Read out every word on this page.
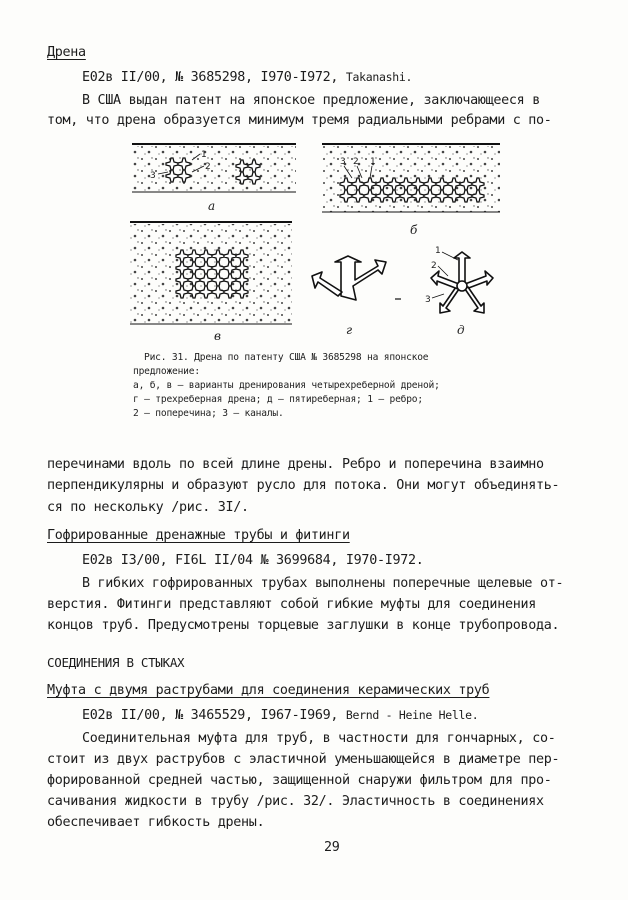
Дрена
E02в II/00, № 3685298, I970-I972, Takanashi.
В США выдан патент на японское предложение, заключающееся в
том, что дрена образуется минимум тремя радиальными ребрами с по-
1
2
3
а
3 2 1
б
в	г
1
2
3
д
Рис. 31. Дрена по патенту США № 3685298 на японское
предложение:
а, б, в – варианты дренирования четырехреберной дреной;
г – трехреберная дрена; д – пятиреберная; 1 – ребро;
2 – поперечина; 3 – каналы.
перечинами вдоль по всей длине дрены. Ребро и поперечина взаимно
перпендикулярны и образуют русло для потока. Они могут объединять-
ся по нескольку /рис. 3I/.
Гофрированные дренажные трубы и фитинги
E02в I3/00, FI6L II/04 № 3699684, I970-I972.
В гибких гофрированных трубах выполнены поперечные щелевые от-
верстия. Фитинги представляют собой гибкие муфты для соединения
концов труб. Предусмотрены торцевые заглушки в конце трубопровода.
СОЕДИНЕНИЯ В СТЫКАХ
Муфта с двумя раструбами для соединения керамических труб
E02в II/00, № 3465529, I967-I969, Bernd - Heine Helle.
Соединительная муфта для труб, в частности для гончарных, со-
стоит из двух раструбов с эластичной уменьшающейся в диаметре пер-
форированной средней частью, защищенной снаружи фильтром для про-
сачивания жидкости в трубу /рис. 32/. Эластичность в соединениях
обеспечивает гибкость дрены.
29
